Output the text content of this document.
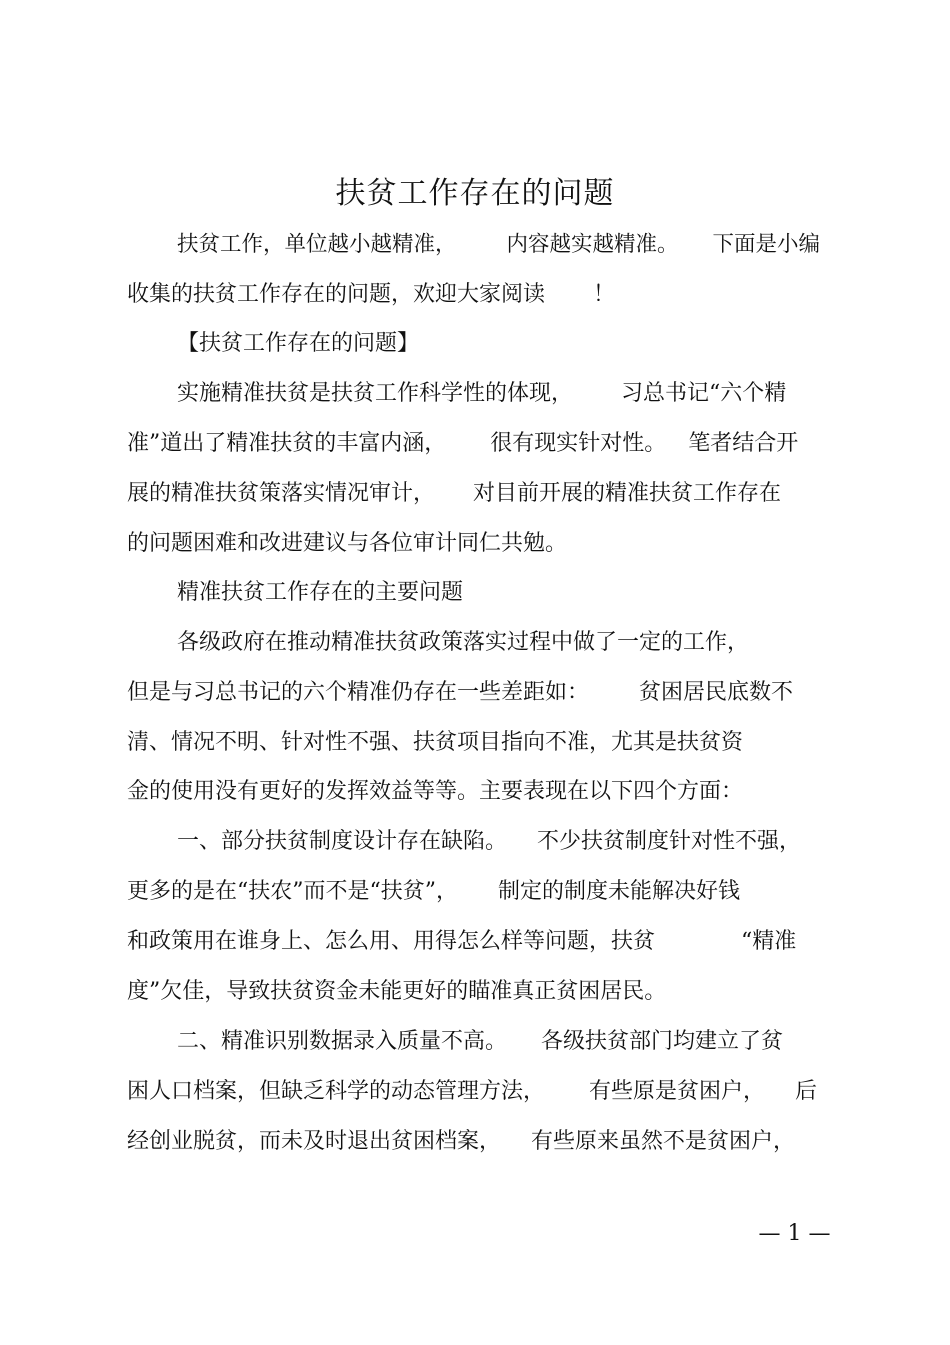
扶贫工作存在的问题
扶贫工作，单位越小越精准， 内容越实越精准。 下面是小编
收集的扶贫工作存在的问题，欢迎大家阅读 ！
【扶贫工作存在的问题】
实施精准扶贫是扶贫工作科学性的体现， 习总书记“六个精
准”道出了精准扶贫的丰富内涵， 很有现实针对性。 笔者结合开
展的精准扶贫策落实情况审计， 对目前开展的精准扶贫工作存在
的问题困难和改进建议与各位审计同仁共勉。
精准扶贫工作存在的主要问题
各级政府在推动精准扶贫政策落实过程中做了一定的工作，
但是与习总书记的六个精准仍存在一些差距如： 贫困居民底数不
清、情况不明、针对性不强、扶贫项目指向不准，尤其是扶贫资
金的使用没有更好的发挥效益等等。主要表现在以下四个方面：
一、部分扶贫制度设计存在缺陷。 不少扶贫制度针对性不强，
更多的是在“扶农”而不是“扶贫”， 制定的制度未能解决好钱
和政策用在谁身上、怎么用、用得怎么样等问题，扶贫	“精准
度”欠佳，导致扶贫资金未能更好的瞄准真正贫困居民。
二、精准识别数据录入质量不高。 各级扶贫部门均建立了贫
困人口档案，但缺乏科学的动态管理方法， 有些原是贫困户， 后
经创业脱贫，而未及时退出贫困档案， 有些原来虽然不是贫困户，
— 1 —
